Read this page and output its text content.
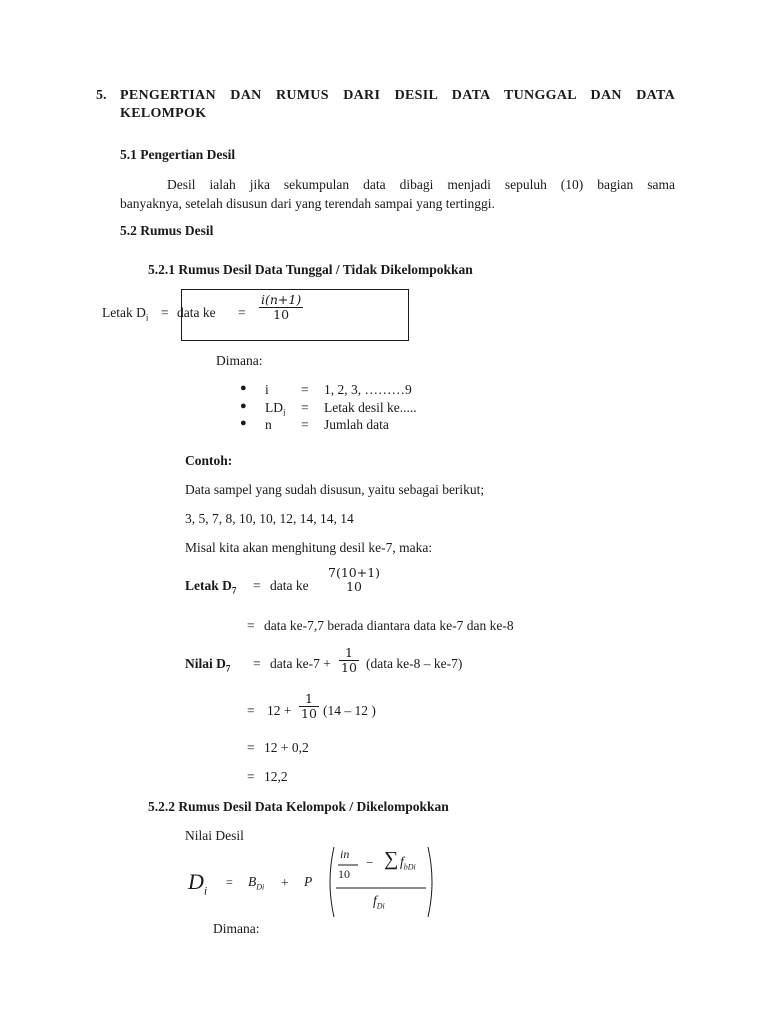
5. PENGERTIAN DAN RUMUS DARI DESIL DATA TUNGGAL DAN DATA
KELOMPOK
5.1 Pengertian Desil
Desil ialah jika sekumpulan data dibagi menjadi sepuluh (10) bagian sama
banyaknya, setelah disusun dari yang terendah sampai yang tertinggi.
5.2 Rumus Desil
5.2.1 Rumus Desil Data Tunggal / Tidak Dikelompokkan
Letak $D_i$ = data ke = $\frac{i(n+1)}{10}$
Dimana:
● i = 1, 2, 3, ………9
● $LD_i$ = Letak desil ke.....
● n = Jumlah data
Contoh:
Data sampel yang sudah disusun, yaitu sebagai berikut;
3, 5, 7, 8, 10, 10, 12, 14, 14, 14
Misal kita akan menghitung desil ke-7, maka:
Letak $D_7$ = data ke
7(10+1)
10
= data ke-7,7 berada diantara data ke-7 dan ke-8
Nilai $D_7$ = data $ke-7 + \frac{1}{10}$ (data ke-8 – ke-7)
= $12 + \frac{1}{10} (14 - 12$ )
= 12 + 0,2
= 12,2
5.2.2 Rumus Desil Data Kelompok / Dikelompokkan
Nilai Desil
$D_i$
= $B_{Di} + P$
in
10
− ∑ $f_{bDi}$
$f_{Di}$
Dimana:
